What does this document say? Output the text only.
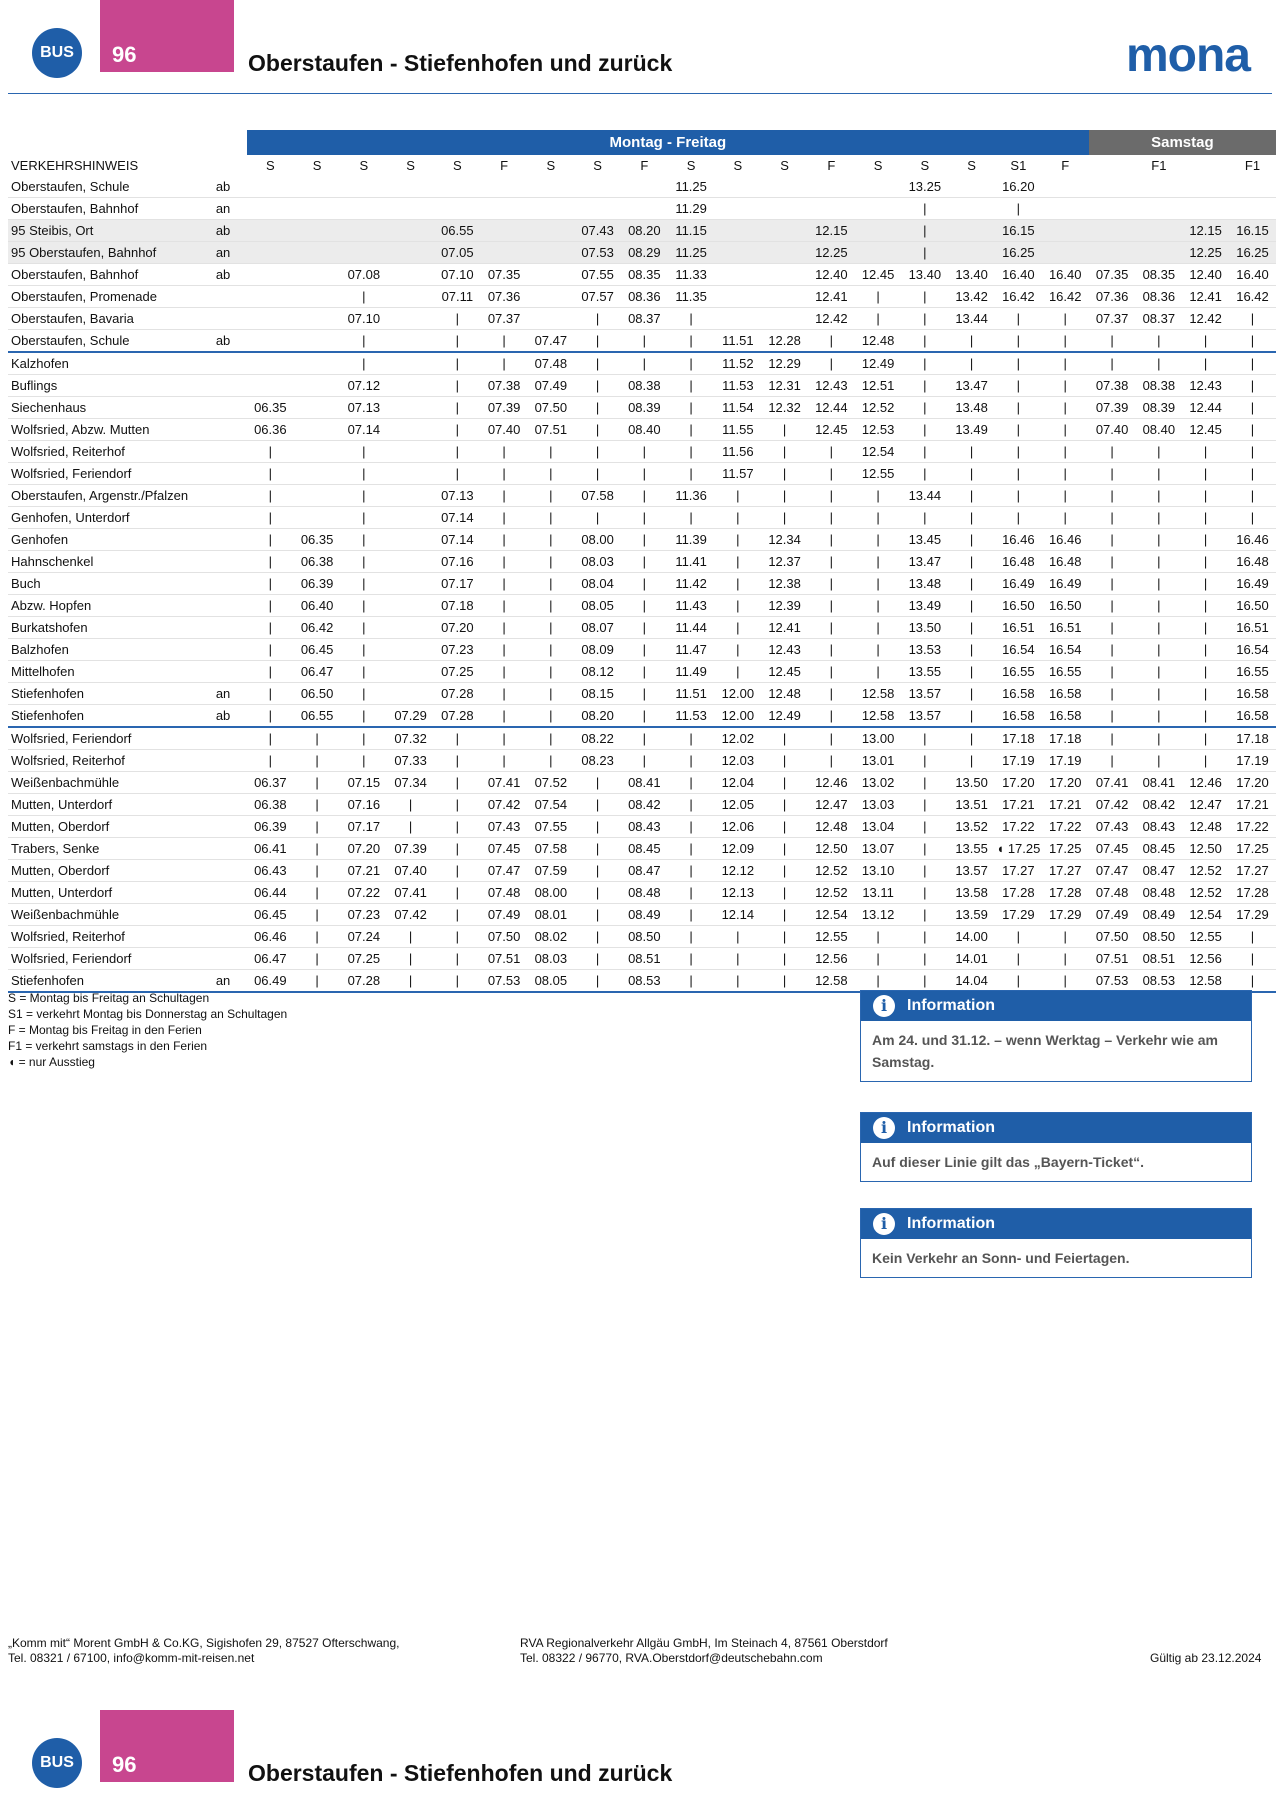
BUS	96	Oberstaufen - Stiefenhofen und zurück	mona
		Montag - Freitag																		Samstag			
VERKEHRSHINWEIS		S	S	S	S	S	F	S	S	F	S	S	S	F	S	S	S	S1	F		F1		F1
Oberstaufen, Schule	ab										11.25					13.25		16.20					
Oberstaufen, Bahnhof	an										11.29					|		|					
95 Steibis, Ort	ab					06.55			07.43	08.20	11.15			12.15		|		16.15				12.15	16.15
95 Oberstaufen, Bahnhof	an					07.05			07.53	08.29	11.25			12.25		|		16.25				12.25	16.25
Oberstaufen, Bahnhof	ab			07.08		07.10	07.35		07.55	08.35	11.33			12.40	12.45	13.40	13.40	16.40	16.40	07.35	08.35	12.40	16.40
Oberstaufen, Promenade				|		07.11	07.36		07.57	08.36	11.35			12.41	|	|	13.42	16.42	16.42	07.36	08.36	12.41	16.42
Oberstaufen, Bavaria				07.10		|	07.37		|	08.37	|			12.42	|	|	13.44	|	|	07.37	08.37	12.42	|
Oberstaufen, Schule	ab			|		|	|	07.47	|	|	|	11.51	12.28	|	12.48	|	|	|	|	|	|	|	|
Kalzhofen				|		|	|	07.48	|	|	|	11.52	12.29	|	12.49	|	|	|	|	|	|	|	|
Buflings				07.12		|	07.38	07.49	|	08.38	|	11.53	12.31	12.43	12.51	|	13.47	|	|	07.38	08.38	12.43	|
Siechenhaus		06.35		07.13		|	07.39	07.50	|	08.39	|	11.54	12.32	12.44	12.52	|	13.48	|	|	07.39	08.39	12.44	|
Wolfsried, Abzw. Mutten		06.36		07.14		|	07.40	07.51	|	08.40	|	11.55	|	12.45	12.53	|	13.49	|	|	07.40	08.40	12.45	|
Wolfsried, Reiterhof		|		|		|	|	|	|	|	|	11.56	|	|	12.54	|	|	|	|	|	|	|	|
Wolfsried, Feriendorf		|		|		|	|	|	|	|	|	11.57	|	|	12.55	|	|	|	|	|	|	|	|
Oberstaufen, Argenstr./Pfalzen		|		|		07.13	|	|	07.58	|	11.36	|	|	|	|	13.44	|	|	|	|	|	|	|
Genhofen, Unterdorf		|		|		07.14	|	|	|	|	|	|	|	|	|	|	|	|	|	|	|	|	|
Genhofen		|	06.35	|		07.14	|	|	08.00	|	11.39	|	12.34	|	|	13.45	|	16.46	16.46	|	|	|	16.46
Hahnschenkel		|	06.38	|		07.16	|	|	08.03	|	11.41	|	12.37	|	|	13.47	|	16.48	16.48	|	|	|	16.48
Buch		|	06.39	|		07.17	|	|	08.04	|	11.42	|	12.38	|	|	13.48	|	16.49	16.49	|	|	|	16.49
Abzw. Hopfen		|	06.40	|		07.18	|	|	08.05	|	11.43	|	12.39	|	|	13.49	|	16.50	16.50	|	|	|	16.50
Burkatshofen		|	06.42	|		07.20	|	|	08.07	|	11.44	|	12.41	|	|	13.50	|	16.51	16.51	|	|	|	16.51
Balzhofen		|	06.45	|		07.23	|	|	08.09	|	11.47	|	12.43	|	|	13.53	|	16.54	16.54	|	|	|	16.54
Mittelhofen		|	06.47	|		07.25	|	|	08.12	|	11.49	|	12.45	|	|	13.55	|	16.55	16.55	|	|	|	16.55
Stiefenhofen	an	|	06.50	|		07.28	|	|	08.15	|	11.51	12.00	12.48	|	12.58	13.57	|	16.58	16.58	|	|	|	16.58
Stiefenhofen	ab	|	06.55	|	07.29	07.28	|	|	08.20	|	11.53	12.00	12.49	|	12.58	13.57	|	16.58	16.58	|	|	|	16.58
Wolfsried, Feriendorf		|	|	|	07.32	|	|	|	08.22	|	|	12.02	|	|	13.00	|	|	17.18	17.18	|	|	|	17.18
Wolfsried, Reiterhof		|	|	|	07.33	|	|	|	08.23	|	|	12.03	|	|	13.01	|	|	17.19	17.19	|	|	|	17.19
Weißenbachmühle		06.37	|	07.15	07.34	|	07.41	07.52	|	08.41	|	12.04	|	12.46	13.02	|	13.50	17.20	17.20	07.41	08.41	12.46	17.20
Mutten, Unterdorf		06.38	|	07.16	|	|	07.42	07.54	|	08.42	|	12.05	|	12.47	13.03	|	13.51	17.21	17.21	07.42	08.42	12.47	17.21
Mutten, Oberdorf		06.39	|	07.17	|	|	07.43	07.55	|	08.43	|	12.06	|	12.48	13.04	|	13.52	17.22	17.22	07.43	08.43	12.48	17.22
Trabers, Senke		06.41	|	07.20	07.39	|	07.45	07.58	|	08.45	|	12.09	|	12.50	13.07	|	13.55	◖ 17.25	17.25	07.45	08.45	12.50	17.25
Mutten, Oberdorf		06.43	|	07.21	07.40	|	07.47	07.59	|	08.47	|	12.12	|	12.52	13.10	|	13.57	17.27	17.27	07.47	08.47	12.52	17.27
Mutten, Unterdorf		06.44	|	07.22	07.41	|	07.48	08.00	|	08.48	|	12.13	|	12.52	13.11	|	13.58	17.28	17.28	07.48	08.48	12.52	17.28
Weißenbachmühle		06.45	|	07.23	07.42	|	07.49	08.01	|	08.49	|	12.14	|	12.54	13.12	|	13.59	17.29	17.29	07.49	08.49	12.54	17.29
Wolfsried, Reiterhof		06.46	|	07.24	|	|	07.50	08.02	|	08.50	|	|	|	12.55	|	|	14.00	|	|	07.50	08.50	12.55	|
Wolfsried, Feriendorf		06.47	|	07.25	|	|	07.51	08.03	|	08.51	|	|	|	12.56	|	|	14.01	|	|	07.51	08.51	12.56	|
Stiefenhofen	an	06.49	|	07.28	|	|	07.53	08.05	|	08.53	|	|	|	12.58	|	|	14.04	|	|	07.53	08.53	12.58	|
S = Montag bis Freitag an Schultagen
S1 = verkehrt Montag bis Donnerstag an Schultagen
F = Montag bis Freitag in den Ferien
F1 = verkehrt samstags in den Ferien
◖ = nur Ausstieg
i	Information
Am 24. und 31.12. – wenn Werktag – Verkehr wie am Samstag.
i	Information
Auf dieser Linie gilt das „Bayern-Ticket“.
i	Information
Kein Verkehr an Sonn- und Feiertagen.
„Komm mit“ Morent GmbH & Co.KG, Sigishofen 29, 87527 Ofterschwang,
Tel. 08321 / 67100, info@komm-mit-reisen.net
RVA Regionalverkehr Allgäu GmbH, Im Steinach 4, 87561 Oberstdorf
Tel. 08322 / 96770, RVA.Oberstdorf@deutschebahn.com	Gültig ab 23.12.2024
BUS	96	Oberstaufen - Stiefenhofen und zurück
